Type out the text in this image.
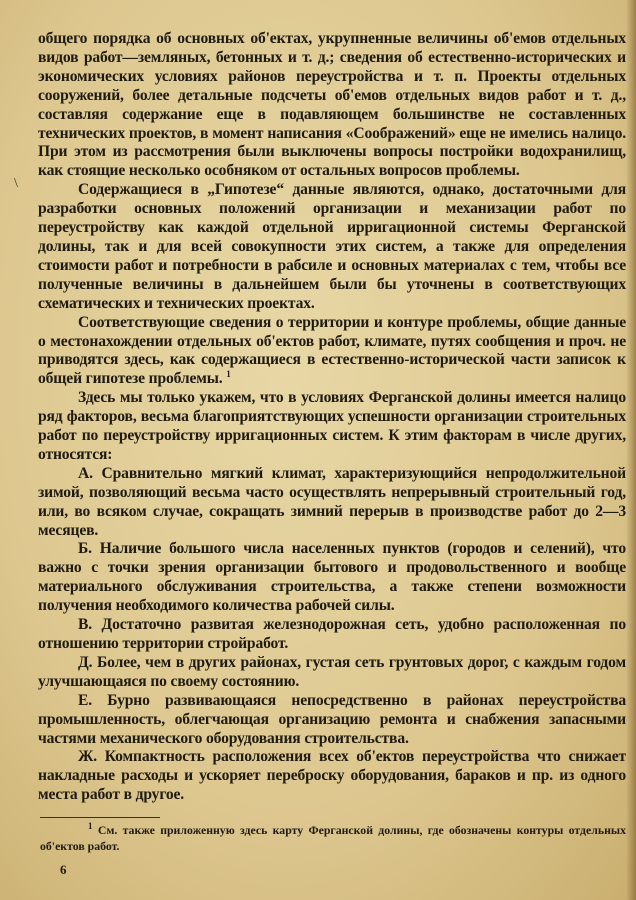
\

общего порядка об основных об'ектах, укрупненные величины об'емов отдельных видов работ—земляных, бетонных и т. д.; сведения об естественно-исторических и экономических условиях районов переустройства и т. п. Проекты отдельных сооружений, более детальные подсчеты об'емов отдельных видов работ и т. д., составляя содержание еще в подавляющем большинстве не составленных технических проектов, в момент написания «Соображений» еще не имелись налицо. При этом из рассмотрения были выключены вопросы постройки водохранилищ, как стоящие несколько особняком от остальных вопросов проблемы.

Содержащиеся в „Гипотезе“ данные являются, однако, достаточными для разработки основных положений организации и механизации работ по переустройству как каждой отдельной ирригационной системы Ферганской долины, так и для всей совокупности этих систем, а также для определения стоимости работ и потребности в рабсиле и основных материалах с тем, чтобы все полученные величины в дальнейшем были бы уточнены в соответствующих схематических и технических проектах.

Соответствующие сведения о территории и контуре проблемы, общие данные о местонахождении отдельных об'ектов работ, климате, путях сообщения и проч. не приводятся здесь, как содержащиеся в естественно-исторической части записок к общей гипотезе проблемы. $^1$

Здесь мы только укажем, что в условиях Ферганской долины имеется налицо ряд факторов, весьма благоприятствующих успешности организации строительных работ по переустройству ирригационных систем. К этим факторам в числе других, относятся:

А. Сравнительно мягкий климат, характеризующийся непродолжительной зимой, позволяющий весьма часто осуществлять непрерывный строительный год, или, во всяком случае, сокращать зимний перерыв в производстве работ до 2—3 месяцев.

Б. Наличие большого числа населенных пунктов (городов и селений), что важно с точки зрения организации бытового и продовольственного и вообще материального обслуживания строительства, а также степени возможности получения необходимого количества рабочей силы.

В. Достаточно развитая железнодорожная сеть, удобно расположенная по отношению территории стройработ.

Д. Более, чем в других районах, густая сеть грунтовых дорог, с каждым годом улучшающаяся по своему состоянию.

Е. Бурно развивающаяся непосредственно в районах переустройства промышленность, облегчающая организацию ремонта и снабжения запасными частями механического оборудования строительства.

Ж. Компактность расположения всех об'ектов переустройства что снижает накладные расходы и ускоряет переброску оборудования, бараков и пр. из одного места работ в другое.

$^1$ См. также приложенную здесь карту Ферганской долины, где обозначены контуры отдельных об'ектов работ.
6
